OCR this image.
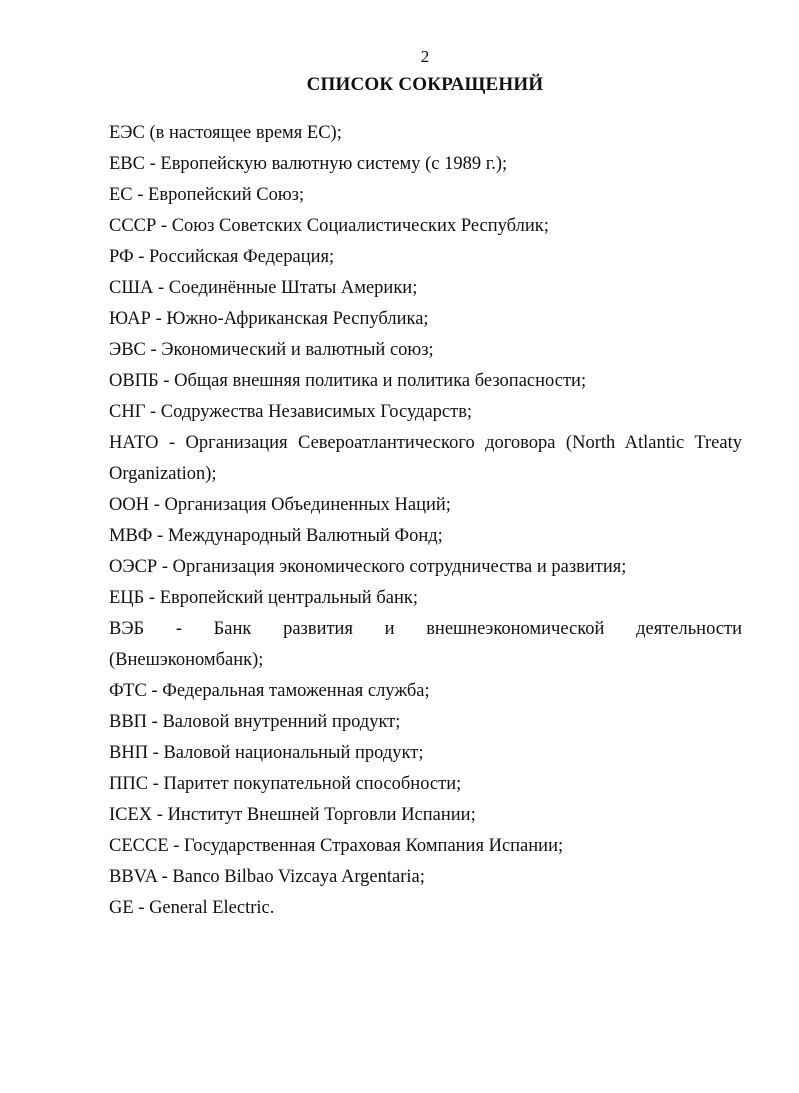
2
СПИСОК СОКРАЩЕНИЙ
ЕЭС (в настоящее время ЕС);
ЕВС - Европейскую валютную систему (с 1989 г.);
ЕС - Европейский Союз;
СССР - Союз Советских Социалистических Республик;
РФ - Российская Федерация;
США - Соединённые Штаты Америки;
ЮАР - Южно-Африканская Республика;
ЭВС - Экономический и валютный союз;
ОВПБ - Общая внешняя политика и политика безопасности;
СНГ - Содружества Независимых Государств;
НАТО - Организация Североатлантического договора (North Atlantic Treaty Organization);
ООН - Организация Объединенных Наций;
МВФ - Международный Валютный Фонд;
ОЭСР - Организация экономического сотрудничества и развития;
ЕЦБ - Европейский центральный банк;
ВЭБ - Банк развития и внешнеэкономической деятельности
(Внешэкономбанк);
ФТС - Федеральная таможенная служба;
ВВП - Валовой внутренний продукт;
ВНП - Валовой национальный продукт;
ППС - Паритет покупательной способности;
ICEX - Институт Внешней Торговли Испании;
CECCE - Государственная Страховая Компания Испании;
BBVA - Banco Bilbao Vizcaya Argentaria;
GE - General Electric.
